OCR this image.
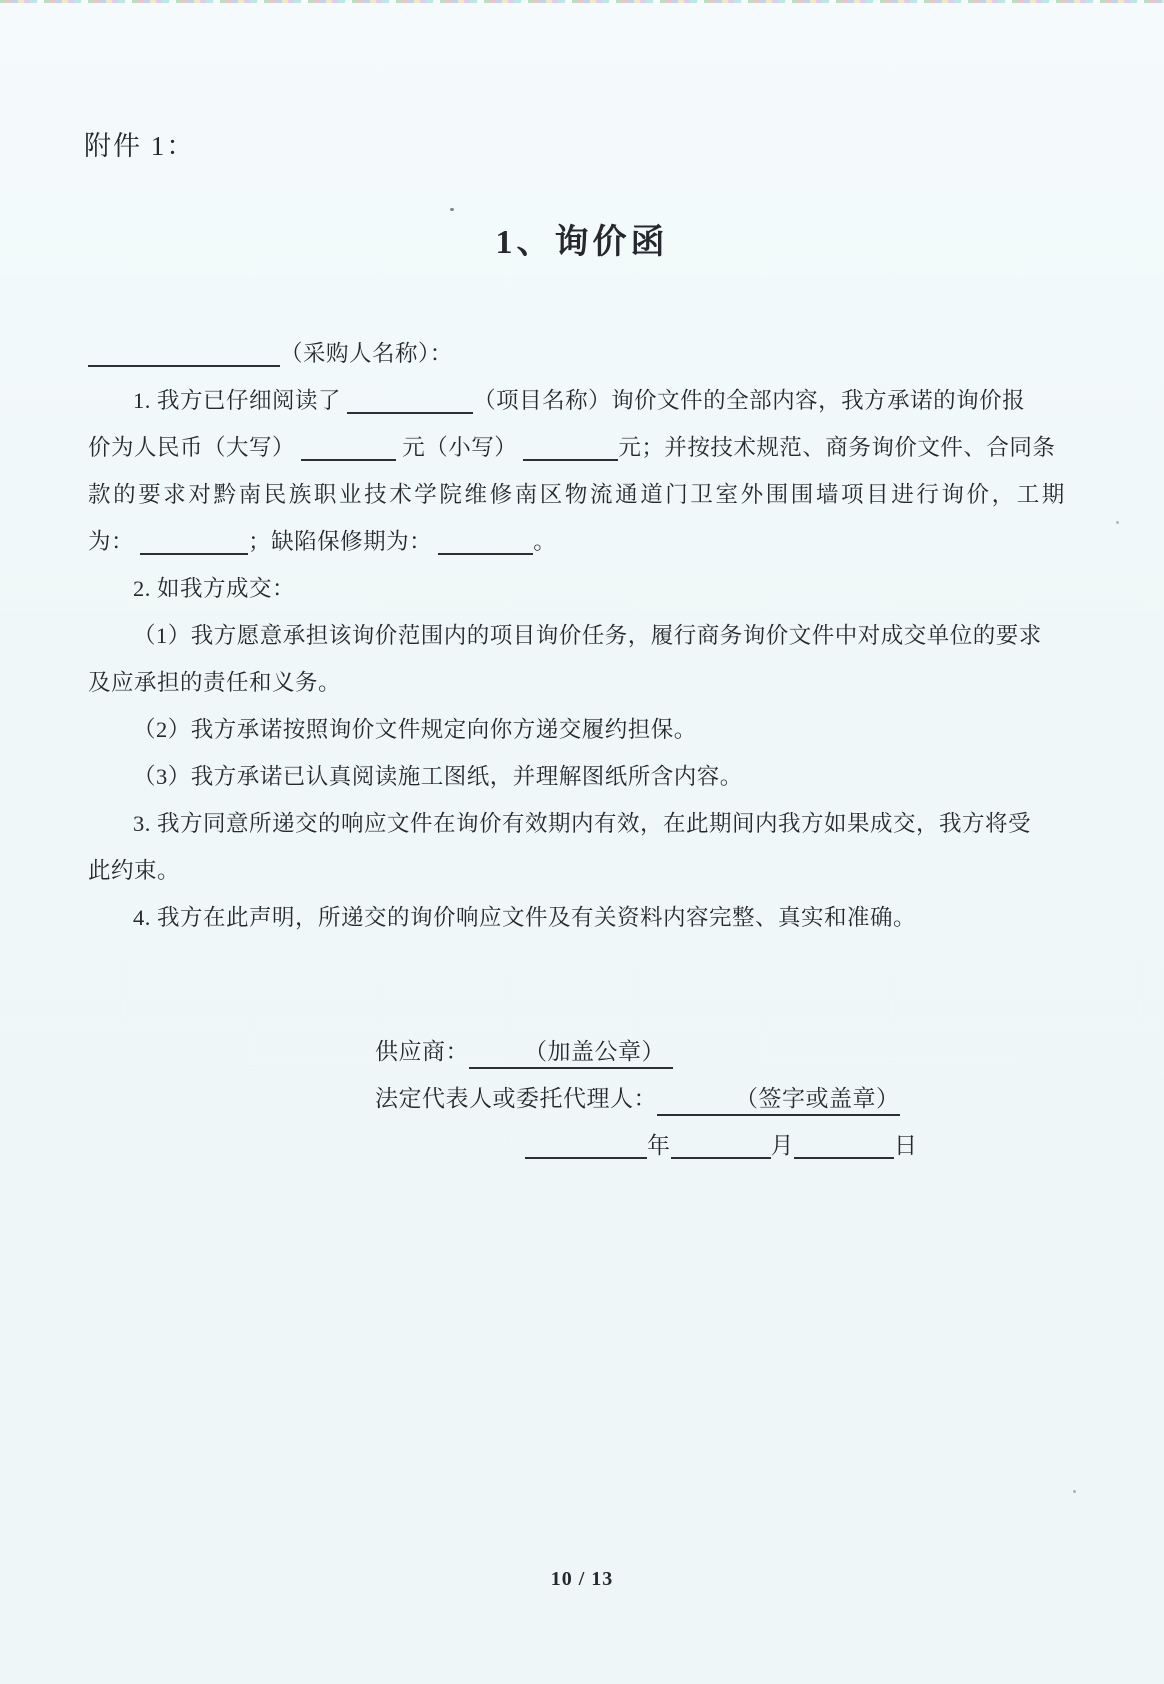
附件 1：
1、询价函
（采购人名称）：
1. 我方已仔细阅读了	（项目名称）询价文件的全部内容，我方承诺的询价报
价为人民币（大写）	元（小写）	元；并按技术规范、商务询价文件、合同条
款的要求对黔南民族职业技术学院维修南区物流通道门卫室外围围墙项目进行询价，工期
为：	；缺陷保修期为：	。
2. 如我方成交：
（1）我方愿意承担该询价范围内的项目询价任务，履行商务询价文件中对成交单位的要求
及应承担的责任和义务。
（2）我方承诺按照询价文件规定向你方递交履约担保。
（3）我方承诺已认真阅读施工图纸，并理解图纸所含内容。
3. 我方同意所递交的响应文件在询价有效期内有效，在此期间内我方如果成交，我方将受
此约束。
4. 我方在此声明，所递交的询价响应文件及有关资料内容完整、真实和准确。
供应商： （加盖公章）
法定代表人或委托代理人：	（签字或盖章）
年	月	日
10 / 13
